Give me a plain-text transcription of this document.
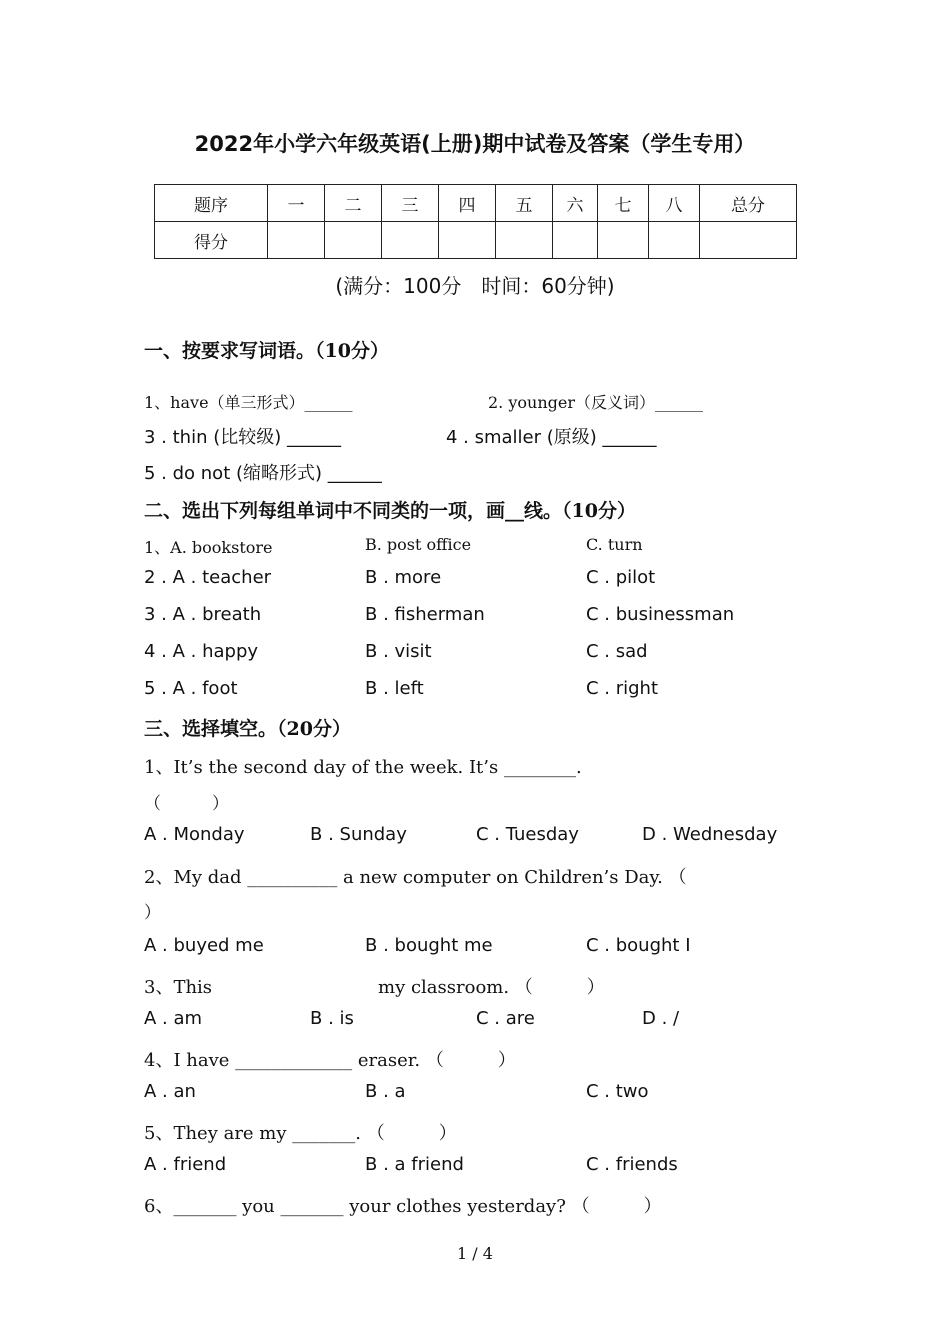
2022年小学六年级英语(上册)期中试卷及答案（学生专用）
题序	一	二	三	四	五	六	七	八	总分
得分									
(满分：100分　时间：60分钟)
一、按要求写词语。（10分）
1、have（单三形式）______	2. younger（反义词）______
3 . thin (比较级) ______	4 . smaller (原级) ______
5 . do not (缩略形式) ______
二、选出下列每组单词中不同类的一项，画__线。（10分）
1、A. bookstore	B. post office	C. turn
2 . A . teacher	B . more	C . pilot
3 . A . breath	B . fisherman	C . businessman
4 . A . happy	B . visit	C . sad
5 . A . foot	B . left	C . right
三、选择填空。（20分）
1、It’s the second day of the week. It’s ________.
（　　　）
A . Monday	B . Sunday	C . Tuesday	D . Wednesday
2、My dad __________ a new computer on Children’s Day. （
）
A . buyed me	B . bought me	C . bought I
3、This	my classroom. （　　　）
A . am	B . is	C . are	D . /
4、I have _____________ eraser. （　　　）
A . an	B . a	C . two
5、They are my _______. （　　　）
A . friend	B . a friend	C . friends
6、_______ you _______ your clothes yesterday? （　　　）
1 / 4
